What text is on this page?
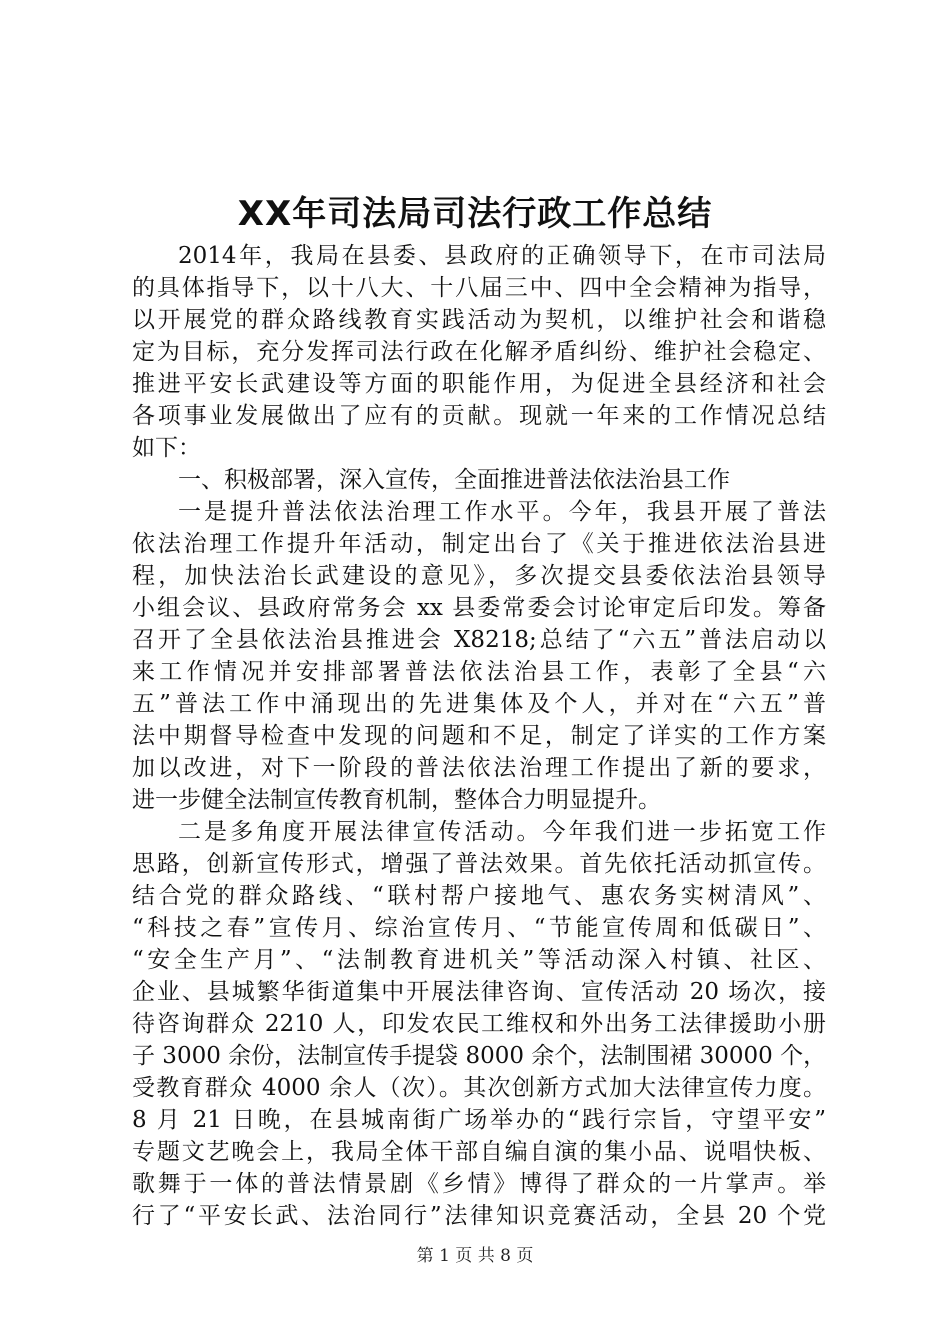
XX年司法局司法行政工作总结
2014年，我局在县委、县政府的正确领导下，在市司法局
的具体指导下，以十八大、十八届三中、四中全会精神为指导，
以开展党的群众路线教育实践活动为契机，以维护社会和谐稳
定为目标，充分发挥司法行政在化解矛盾纠纷、维护社会稳定、
推进平安长武建设等方面的职能作用，为促进全县经济和社会
各项事业发展做出了应有的贡献。现就一年来的工作情况总结
如下：
一、积极部署，深入宣传，全面推进普法依法治县工作
一是提升普法依法治理工作水平。今年，我县开展了普法
依法治理工作提升年活动，制定出台了《关于推进依法治县进
程，加快法治长武建设的意见》，多次提交县委依法治县领导
小组会议、县政府常务会 xx 县委常委会讨论审定后印发。筹备
召开了全县依法治县推进会 X8218;总结了“六五”普法启动以
来工作情况并安排部署普法依法治县工作，表彰了全县“六
五”普法工作中涌现出的先进集体及个人，并对在“六五”普
法中期督导检查中发现的问题和不足，制定了详实的工作方案
加以改进，对下一阶段的普法依法治理工作提出了新的要求，
进一步健全法制宣传教育机制，整体合力明显提升。
二是多角度开展法律宣传活动。今年我们进一步拓宽工作
思路，创新宣传形式，增强了普法效果。首先依托活动抓宣传。
结合党的群众路线、“联村帮户接地气、惠农务实树清风”、
“科技之春”宣传月、综治宣传月、“节能宣传周和低碳日”、
“安全生产月”、“法制教育进机关”等活动深入村镇、社区、
企业、县城繁华街道集中开展法律咨询、宣传活动 20 场次，接
待咨询群众 2210 人，印发农民工维权和外出务工法律援助小册
子 3000 余份，法制宣传手提袋 8000 余个，法制围裙 30000 个，
受教育群众 4000 余人（次）。其次创新方式加大法律宣传力度。
8 月 21 日晚，在县城南街广场举办的“践行宗旨，守望平安”
专题文艺晚会上，我局全体干部自编自演的集小品、说唱快板、
歌舞于一体的普法情景剧《乡情》博得了群众的一片掌声。举
行了“平安长武、法治同行”法律知识竞赛活动，全县 20 个党
第 1 页 共 8 页
